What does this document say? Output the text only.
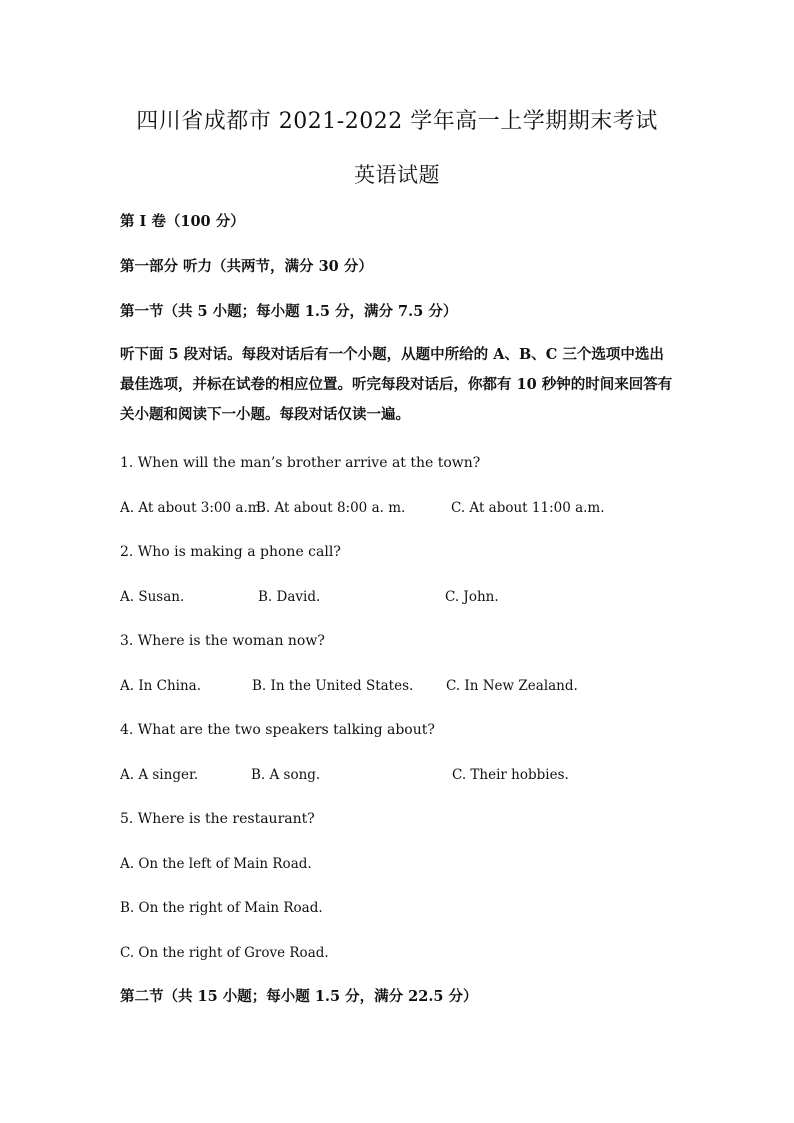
四川省成都市 2021-2022 学年高一上学期期末考试
英语试题

第 I 卷（100 分）

第一部分 听力（共两节，满分 30 分）

第一节（共 5 小题；每小题 1.5 分，满分 7.5 分）

听下面 5 段对话。每段对话后有一个小题，从题中所给的 A、B、C 三个选项中选出最佳选项，并标在试卷的相应位置。听完每段对话后，你都有 10 秒钟的时间来回答有关小题和阅读下一小题。每段对话仅读一遍。

1. When will the man’s brother arrive at the town?

A. At about 3:00 a.m.
B. At about 8:00 a. m.	C. At about 11:00 a.m.

2. Who is making a phone call?

A. Susan.	B. David.	C. John.

3. Where is the woman now?

A. In China.	B. In the United States. C. In New Zealand.

4. What are the two speakers talking about?

A. A singer.	B. A song.	C. Their hobbies.

5. Where is the restaurant?

A. On the left of Main Road.

B. On the right of Main Road.

C. On the right of Grove Road.

第二节（共 15 小题；每小题 1.5 分，满分 22.5 分）
